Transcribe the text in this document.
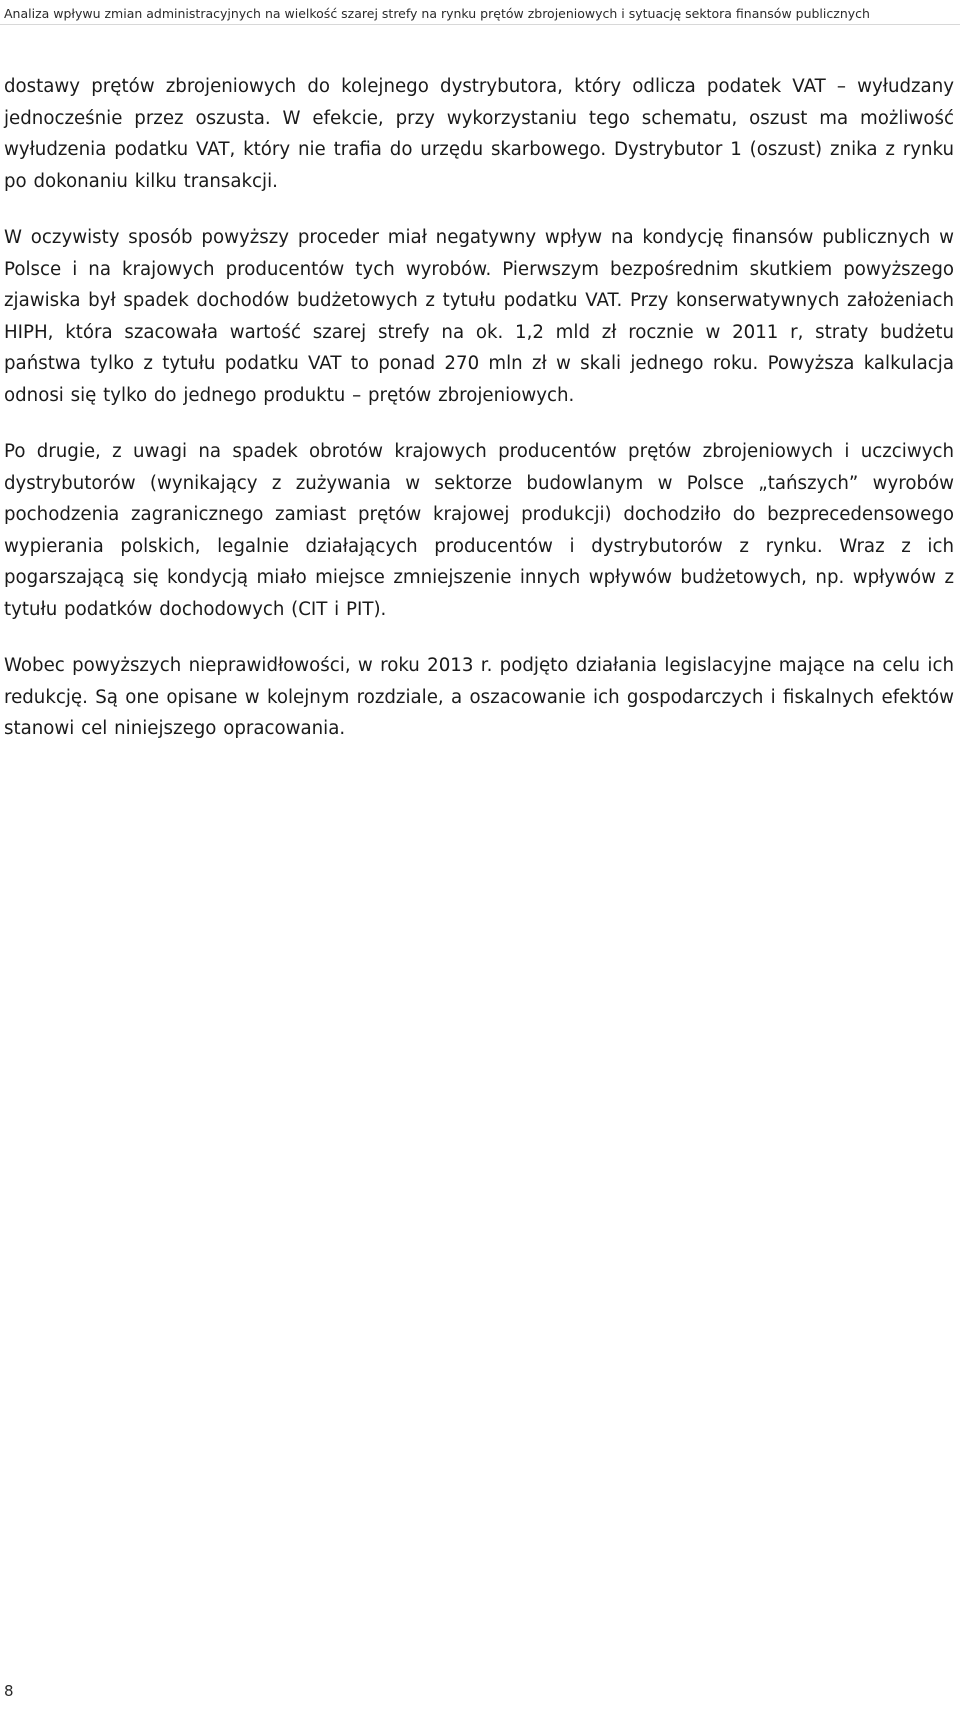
Analiza wpływu zmian administracyjnych na wielkość szarej strefy na rynku prętów zbrojeniowych i sytuację sektora finansów publicznych

dostawy prętów zbrojeniowych do kolejnego dystrybutora, który odlicza podatek VAT – wyłudzany jednocześnie przez oszusta. W efekcie, przy wykorzystaniu tego schematu, oszust ma możliwość wyłudzenia podatku VAT, który nie trafia do urzędu skarbowego. Dystrybutor 1 (oszust) znika z rynku po dokonaniu kilku transakcji.

W oczywisty sposób powyższy proceder miał negatywny wpływ na kondycję finansów publicznych w Polsce i na krajowych producentów tych wyrobów. Pierwszym bezpośrednim skutkiem powyższego zjawiska był spadek dochodów budżetowych z tytułu podatku VAT. Przy konserwatywnych założeniach HIPH, która szacowała wartość szarej strefy na ok. 1,2 mld zł rocznie w 2011 r, straty budżetu państwa tylko z tytułu podatku VAT to ponad 270 mln zł w skali jednego roku. Powyższa kalkulacja odnosi się tylko do jednego produktu – prętów zbrojeniowych.

Po drugie, z uwagi na spadek obrotów krajowych producentów prętów zbrojeniowych i uczciwych dystrybutorów (wynikający z zużywania w sektorze budowlanym w Polsce „tańszych” wyrobów pochodzenia zagranicznego zamiast prętów krajowej produkcji) dochodziło do bezprecedensowego wypierania polskich, legalnie działających producentów i dystrybutorów z rynku. Wraz z ich pogarszającą się kondycją miało miejsce zmniejszenie innych wpływów budżetowych, np. wpływów z tytułu podatków dochodowych (CIT i PIT).

Wobec powyższych nieprawidłowości, w roku 2013 r. podjęto działania legislacyjne mające na celu ich redukcję. Są one opisane w kolejnym rozdziale, a oszacowanie ich gospodarczych i fiskalnych efektów stanowi cel niniejszego opracowania.

8
